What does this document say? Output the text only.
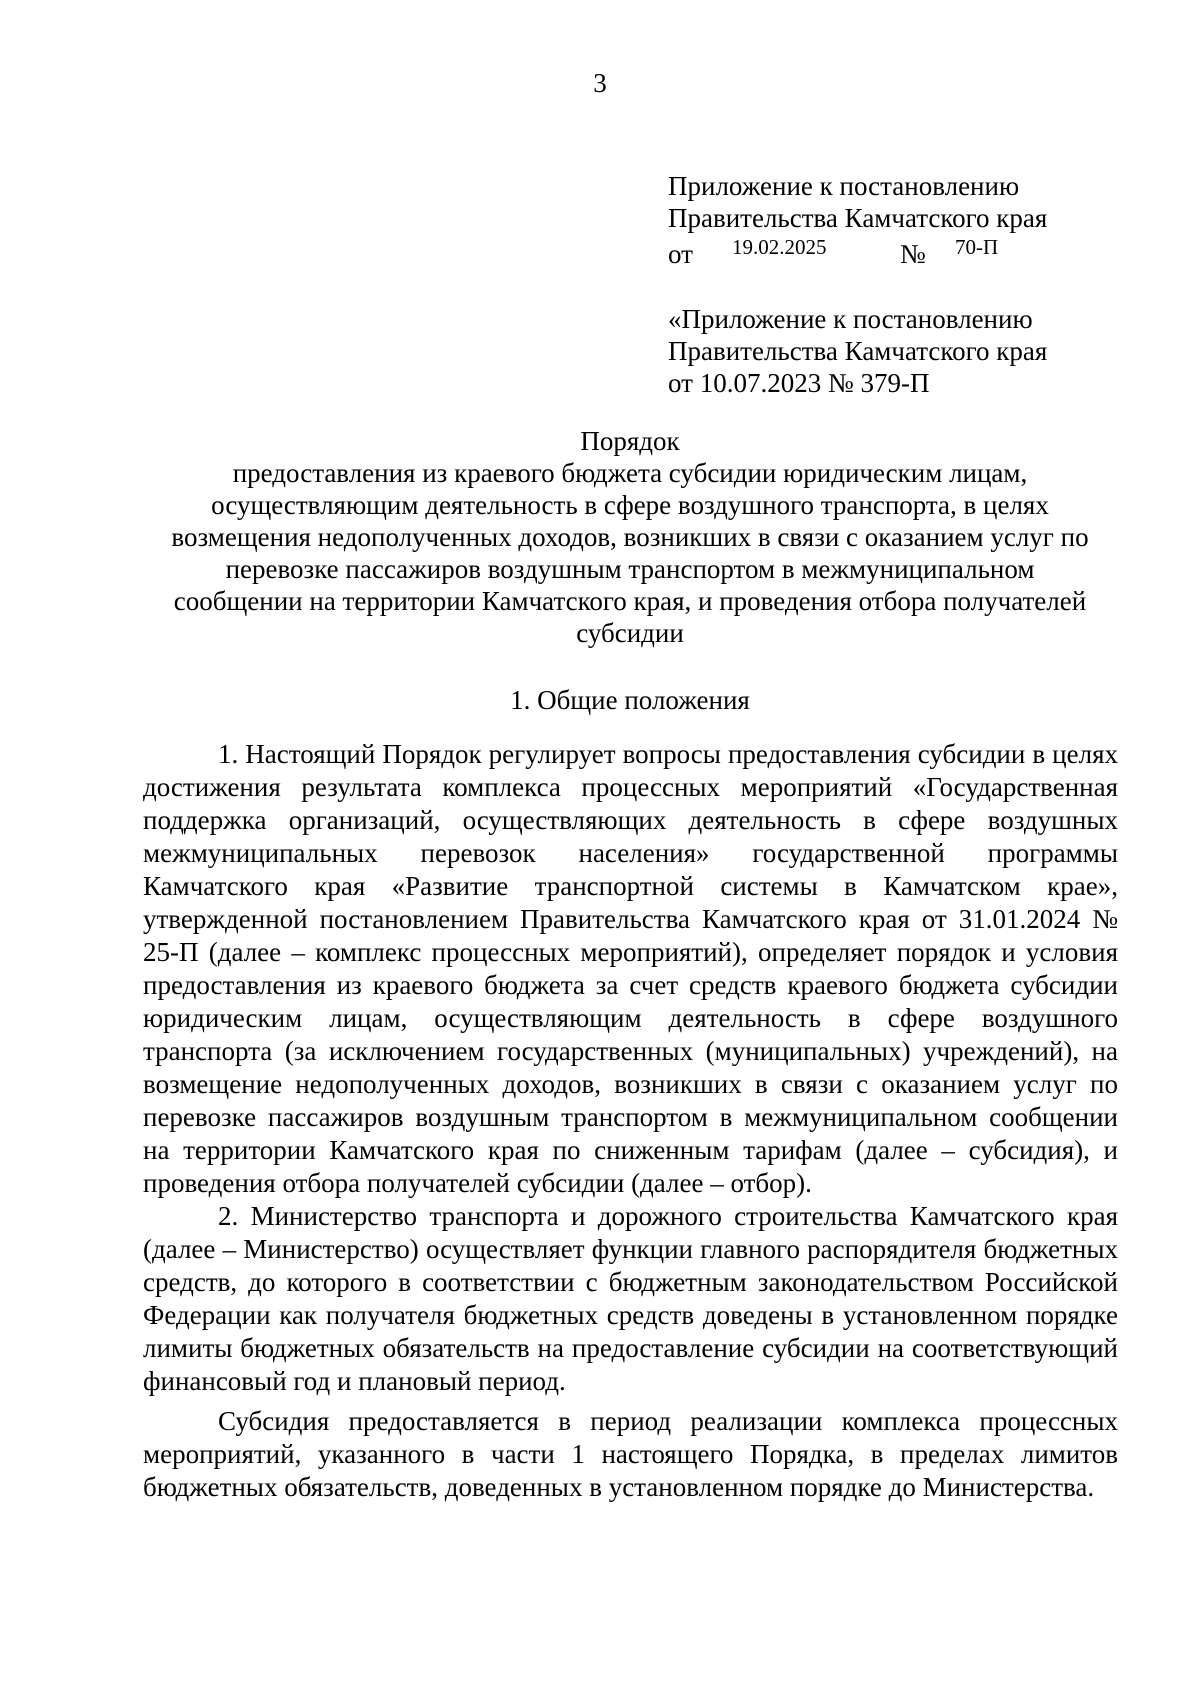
3
Приложение к постановлению
Правительства Камчатского края
от 19.02.2025	№ 70-П
«Приложение к постановлению
Правительства Камчатского края
от 10.07.2023 № 379-П
Порядок
предоставления из краевого бюджета субсидии юридическим лицам,
осуществляющим деятельность в сфере воздушного транспорта, в целях
возмещения недополученных доходов, возникших в связи с оказанием услуг по
перевозке пассажиров воздушным транспортом в межмуниципальном
сообщении на территории Камчатского края, и проведения отбора получателей
субсидии
1. Общие положения

1. Настоящий Порядок регулирует вопросы предоставления субсидии в целях достижения результата комплекса процессных мероприятий «Государственная поддержка организаций, осуществляющих деятельность в сфере воздушных межмуниципальных перевозок населения» государственной программы Камчатского края «Развитие транспортной системы в Камчатском крае», утвержденной постановлением Правительства Камчатского края от 31.01.2024 № 25-П (далее – комплекс процессных мероприятий), определяет порядок и условия предоставления из краевого бюджета за счет средств краевого бюджета субсидии юридическим лицам, осуществляющим деятельность в сфере воздушного транспорта (за исключением государственных (муниципальных) учреждений), на возмещение недополученных доходов, возникших в связи с оказанием услуг по перевозке пассажиров воздушным транспортом в межмуниципальном сообщении на территории Камчатского края по сниженным тарифам (далее – субсидия), и проведения отбора получателей субсидии (далее – отбор).

2. Министерство транспорта и дорожного строительства Камчатского края (далее – Министерство) осуществляет функции главного распорядителя бюджетных средств, до которого в соответствии с бюджетным законодательством Российской Федерации как получателя бюджетных средств доведены в установленном порядке лимиты бюджетных обязательств на предоставление субсидии на соответствующий финансовый год и плановый период.

Субсидия предоставляется в период реализации комплекса процессных мероприятий, указанного в части 1 настоящего Порядка, в пределах лимитов бюджетных обязательств, доведенных в установленном порядке до Министерства.
